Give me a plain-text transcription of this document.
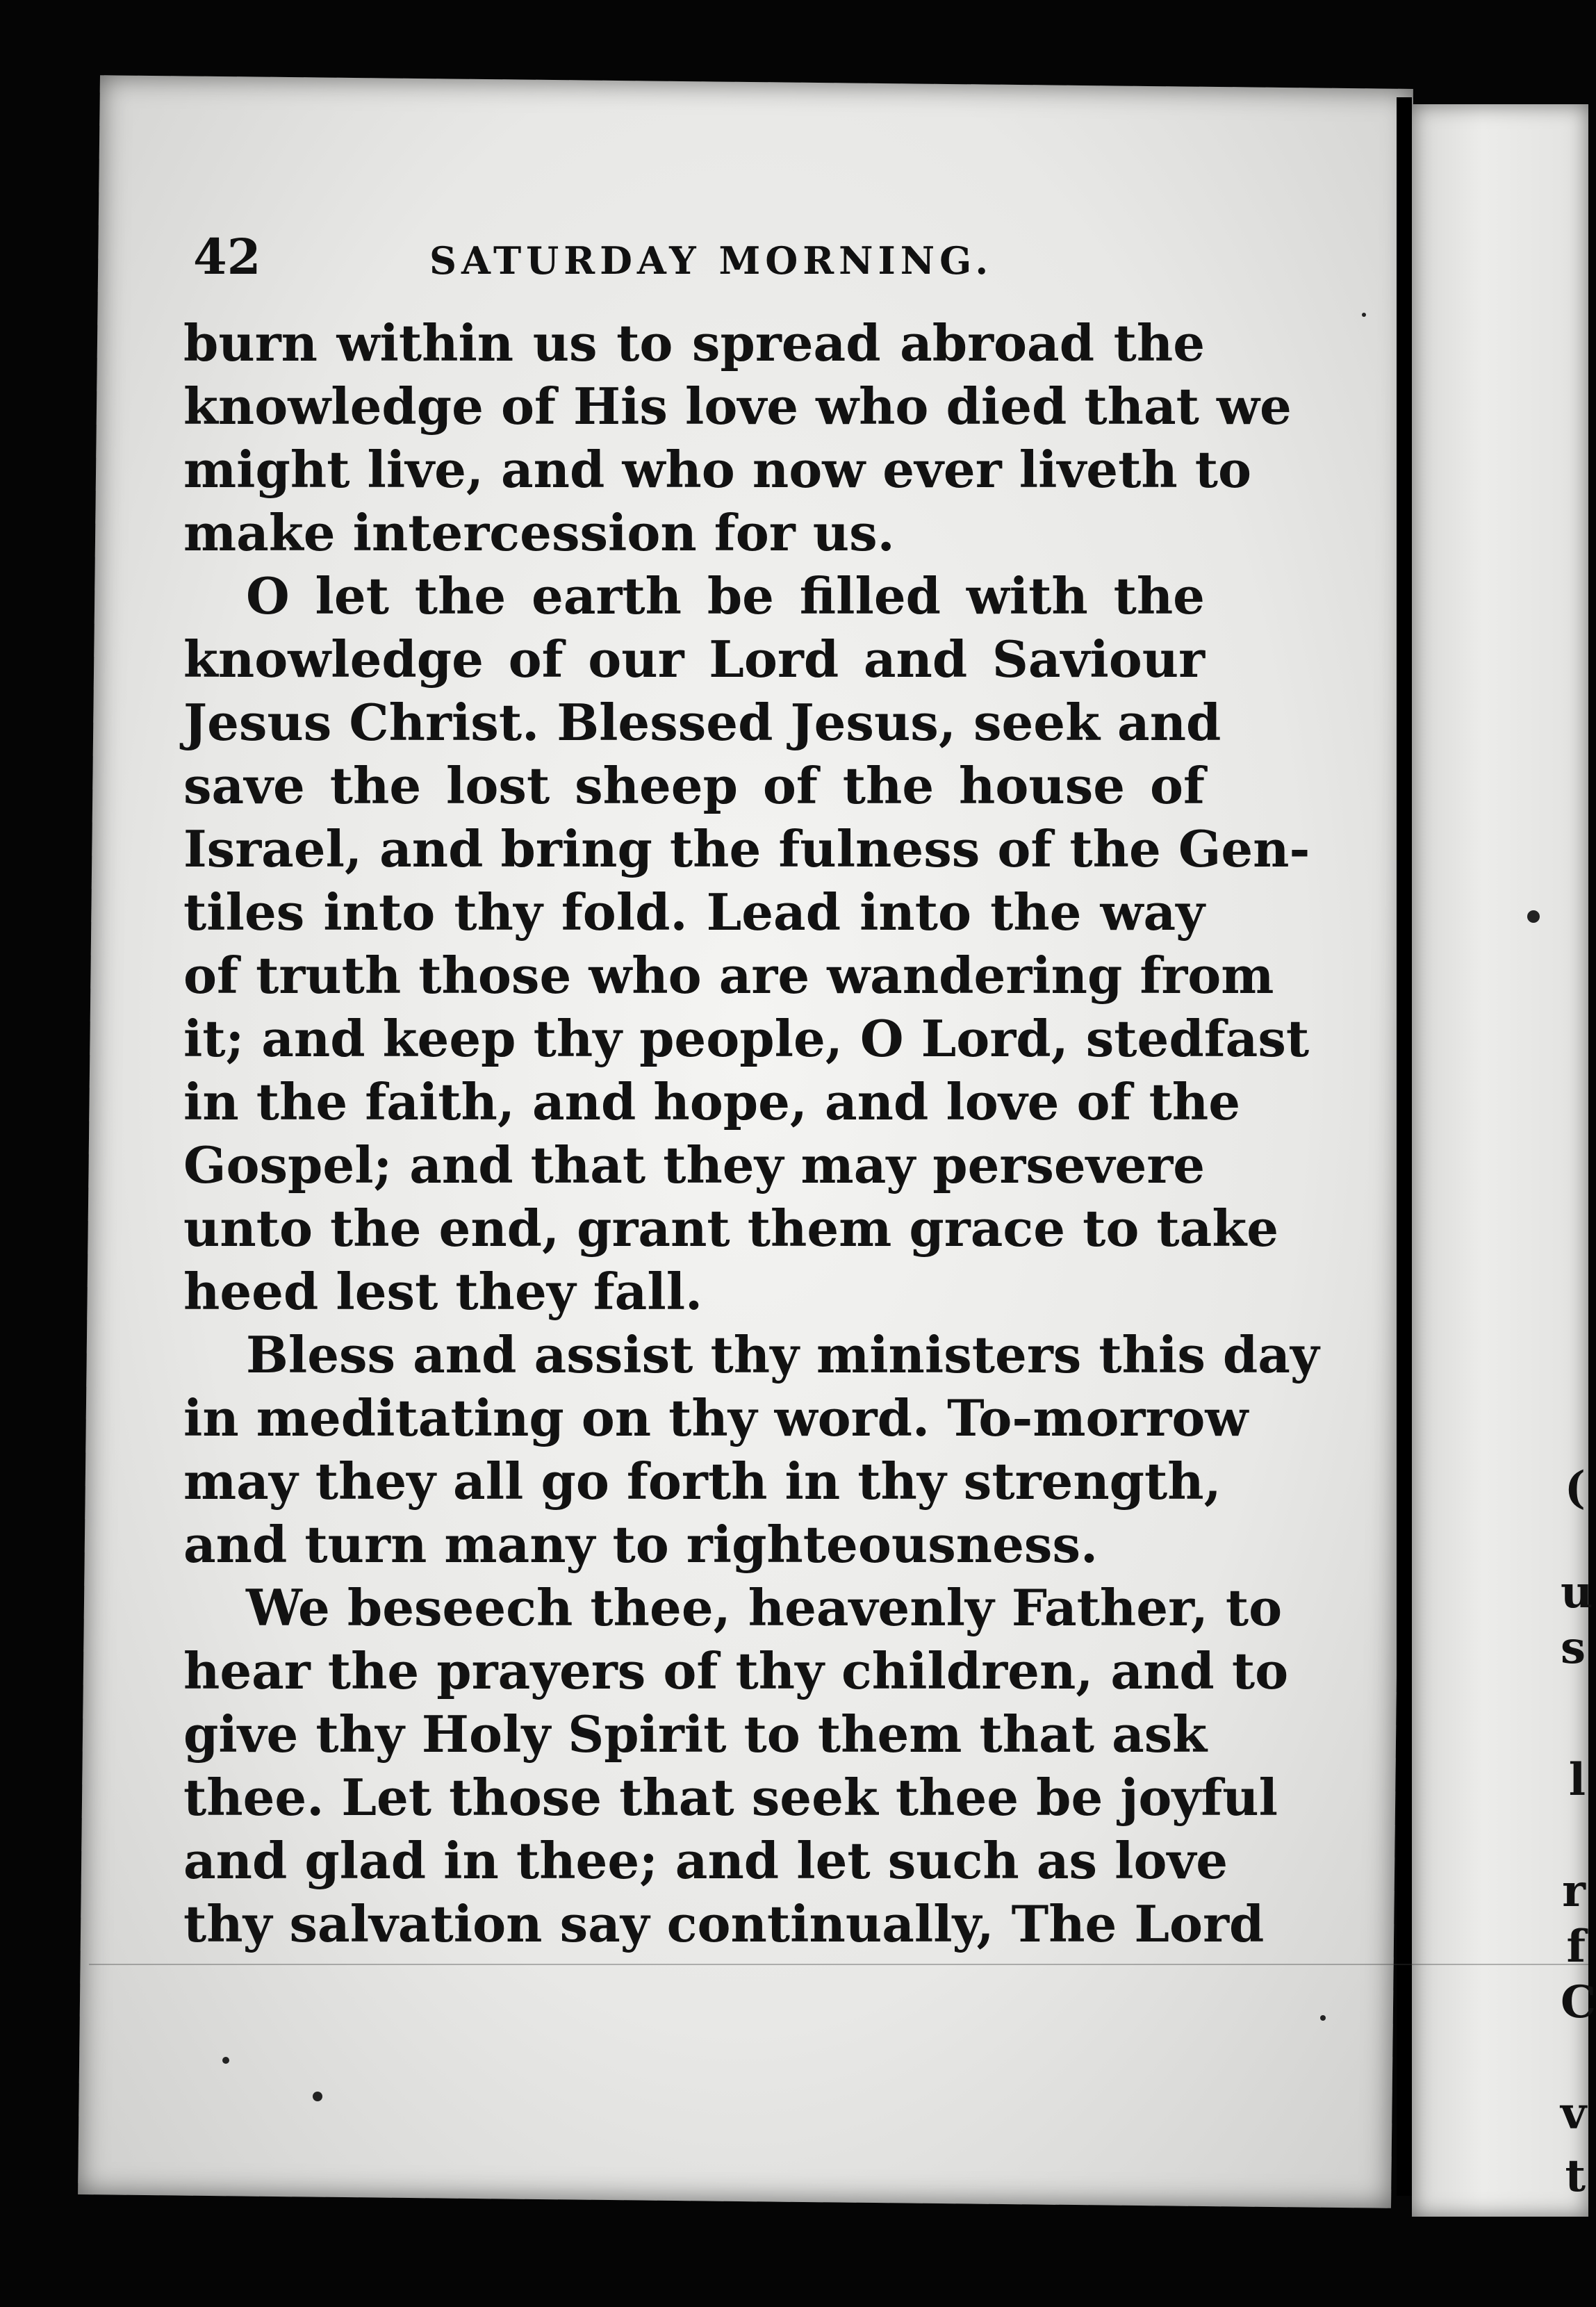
(
u
s
l
r
f
C
v
t
42	SATURDAY MORNING.
burn within us to spread abroad the
knowledge of His love who died that we
might live, and who now ever liveth to
make intercession for us.
O let the earth be filled with the
knowledge of our Lord and Saviour
Jesus Christ. Blessed Jesus, seek and
save the lost sheep of the house of
Israel, and bring the fulness of the Gen-
tiles into thy fold. Lead into the way
of truth those who are wandering from
it; and keep thy people, O Lord, stedfast
in the faith, and hope, and love of the
Gospel; and that they may persevere
unto the end, grant them grace to take
heed lest they fall.
Bless and assist thy ministers this day
in meditating on thy word. To-morrow
may they all go forth in thy strength,
and turn many to righteousness.
We beseech thee, heavenly Father, to
hear the prayers of thy children, and to
give thy Holy Spirit to them that ask
thee. Let those that seek thee be joyful
and glad in thee; and let such as love
thy salvation say continually, The Lord
